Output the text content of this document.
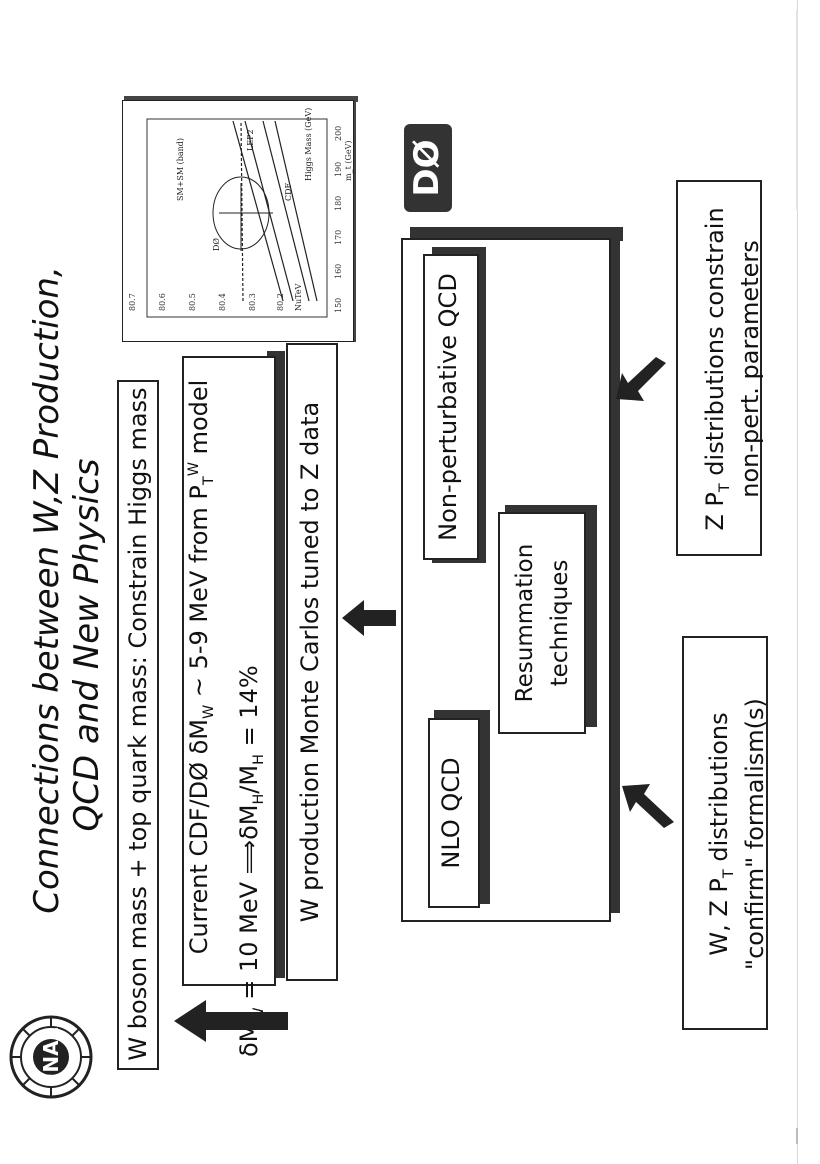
FNAL
DØ
Connections between W,Z Production, QCD and New Physics W boson mass + top quark mass: Constrain Higgs mass Current CDF/DØ $\delta M_W$ ~ 5-9 MeV from $P_T^W$ model
δM = 10 MeV $⟹\delta M_H/M_H = 14\%$ W production Monte Carlos tuned to Z data	NLO QCD
Resummation techniques
Non-perturbative QCD
W, Z $P_T$ distributions "confirm" formalism(s)
Z $P_T$ distributions constrain non-pert. parameters
80.7	80.6	80.5	80.4	80.3 80.2	150
160
170
180
190
200
m_t (GeV)
DØ
CDF
LEP2
NuTeV
Higgs Mass (GeV)
SM+SM (band)
